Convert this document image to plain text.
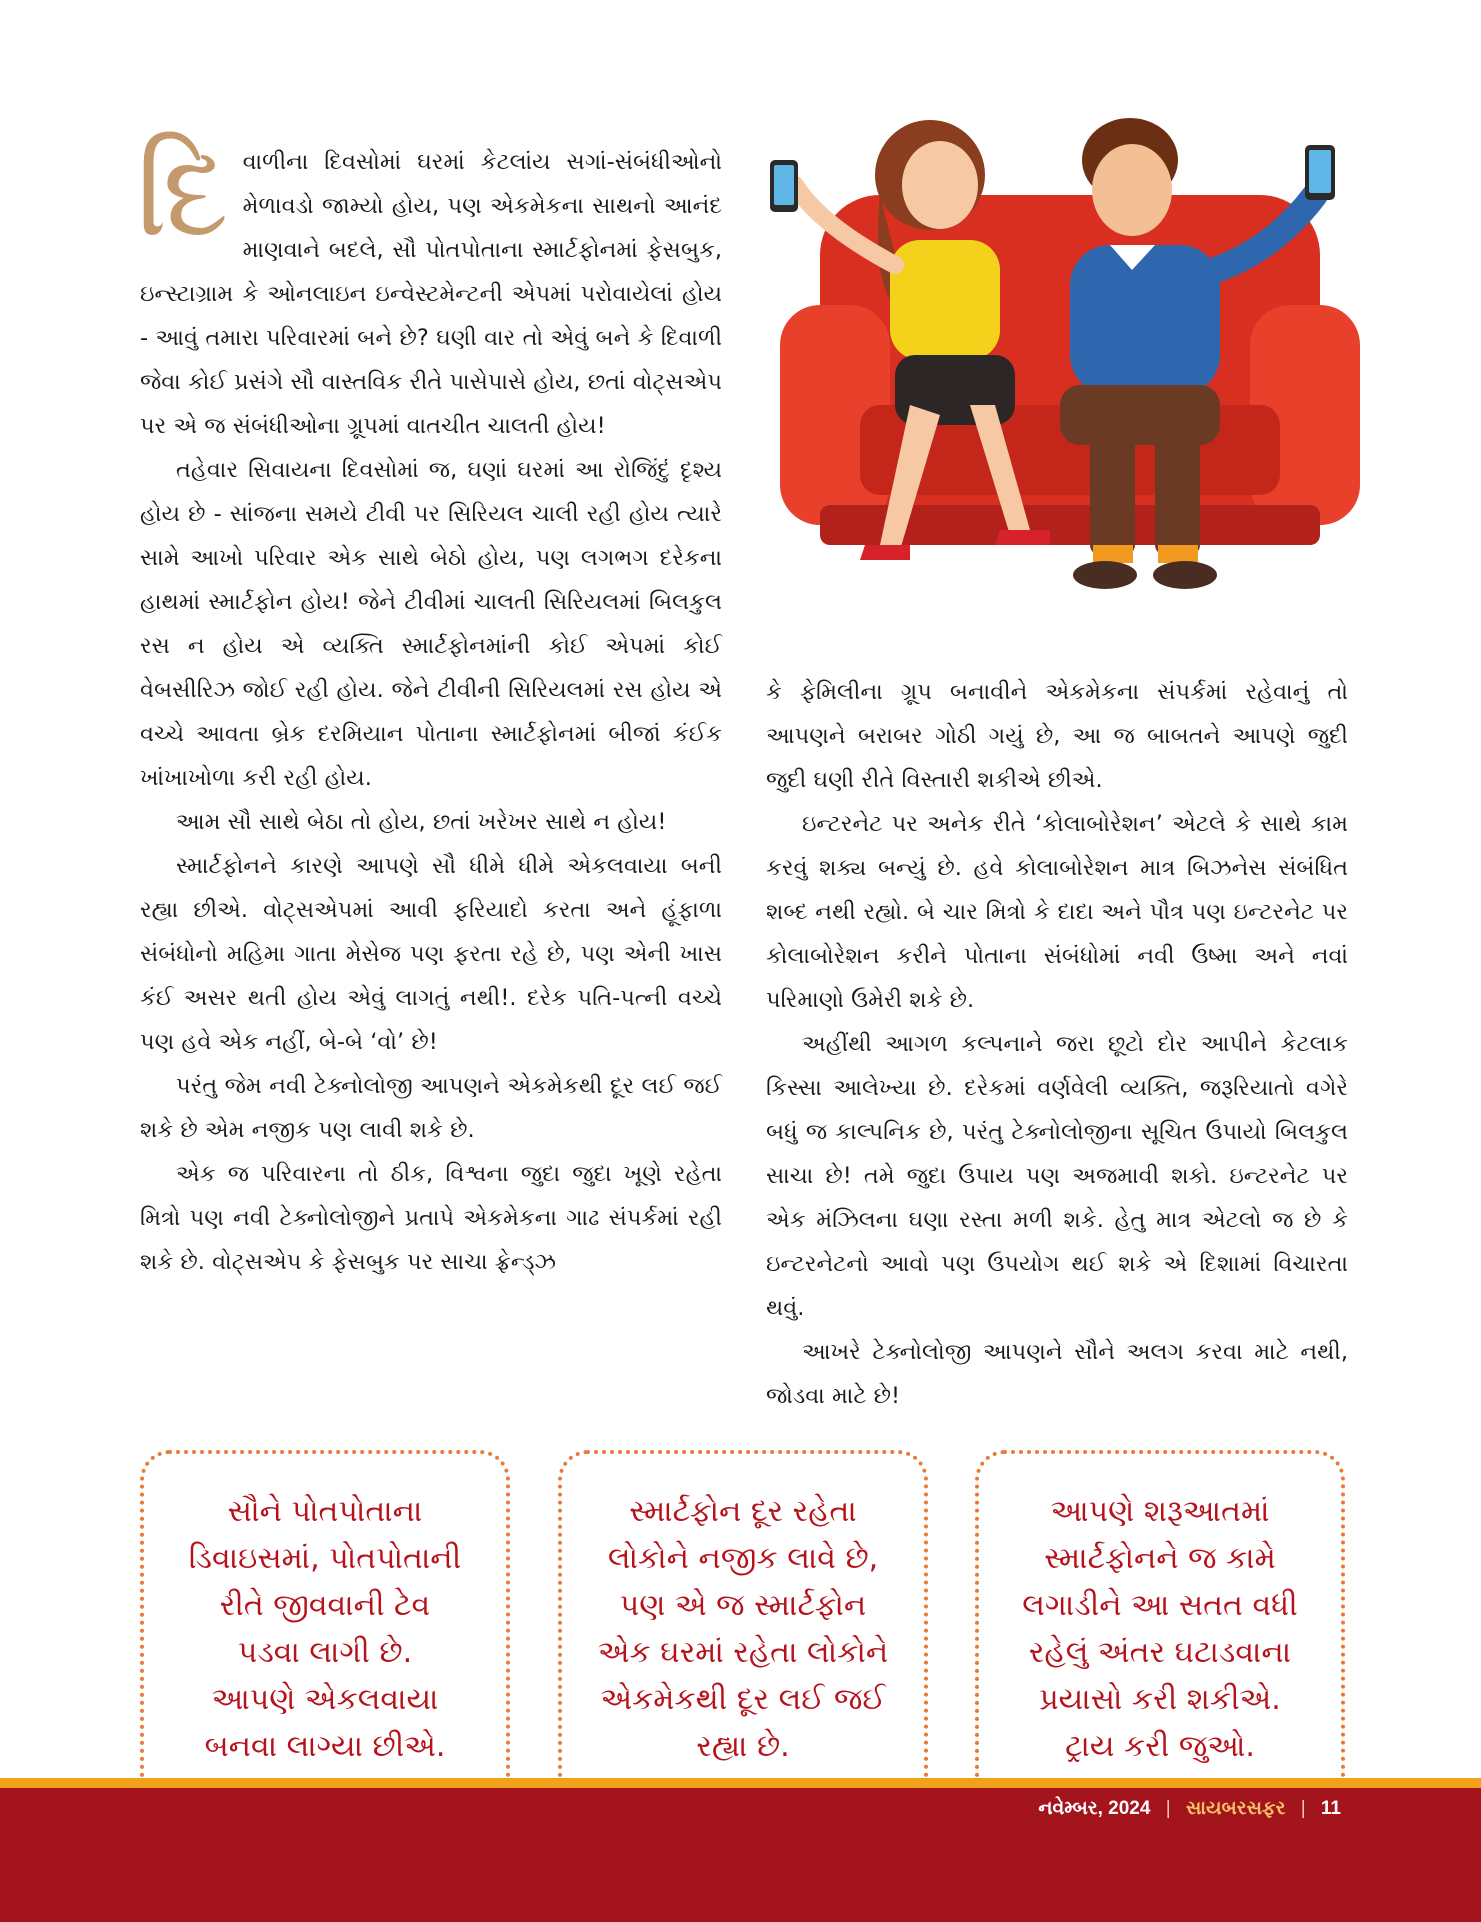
દિ વાળીના દિવસોમાં ઘરમાં કેટલાંય સગાં-સંબંધીઓનો મેળાવડો જામ્યો હોય, પણ એકમેકના સાથનો આનંદ માણવાને બદલે, સૌ પોતપોતાના સ્માર્ટફોનમાં ફેસબુક, ઇન્સ્ટાગ્રામ કે ઓનલાઇન ઇન્વેસ્ટમેન્ટની એપમાં પરોવાયેલાં હોય - આવું તમારા પરિવારમાં બને છે? ઘણી વાર તો એવું બને કે દિવાળી જેવા કોઈ પ્રસંગે સૌ વાસ્તવિક રીતે પાસેપાસે હોય, છતાં વોટ્સએપ પર એ જ સંબંધીઓના ગ્રૂપમાં વાતચીત ચાલતી હોય!

તહેવાર સિવાયના દિવસોમાં જ, ઘણાં ઘરમાં આ રોજિંદું દૃશ્ય હોય છે - સાંજના સમયે ટીવી પર સિરિયલ ચાલી રહી હોય ત્યારે સામે આખો પરિવાર એક સાથે બેઠો હોય, પણ લગભગ દરેકના હાથમાં સ્માર્ટફોન હોય! જેને ટીવીમાં ચાલતી સિરિયલમાં બિલકુલ રસ ન હોય એ વ્યક્તિ સ્માર્ટફોનમાંની કોઈ એપમાં કોઈ વેબસીરિઝ જોઈ રહી હોય. જેને ટીવીની સિરિયલમાં રસ હોય એ વચ્ચે આવતા બ્રેક દરમિયાન પોતાના સ્માર્ટફોનમાં બીજાં કંઈક ખાંખાખોળા કરી રહી હોય.

આમ સૌ સાથે બેઠા તો હોય, છતાં ખરેખર સાથે ન હોય!

સ્માર્ટફોનને કારણે આપણે સૌ ધીમે ધીમે એકલવાયા બની રહ્યા છીએ. વોટ્સએપમાં આવી ફરિયાદો કરતા અને હૂંફાળા સંબંધોનો મહિમા ગાતા મેસેજ પણ ફરતા રહે છે, પણ એની ખાસ કંઈ અસર થતી હોય એવું લાગતું નથી!. દરેક પતિ-પત્ની વચ્ચે પણ હવે એક નહીં, બે-બે ‘વો’ છે!

પરંતુ જેમ નવી ટેક્નોલોજી આપણને એકમેકથી દૂર લઈ જઈ શકે છે એમ નજીક પણ લાવી શકે છે.

એક જ પરિવારના તો ઠીક, વિશ્વના જુદા જુદા ખૂણે રહેતા મિત્રો પણ નવી ટેક્નોલોજીને પ્રતાપે એકમેકના ગાઢ સંપર્કમાં રહી શકે છે. વોટ્સએપ કે ફેસબુક પર સાચા ફ્રેન્ડ્ઝ

કે ફેમિલીના ગ્રૂપ બનાવીને એકમેકના સંપર્કમાં રહેવાનું તો આપણને બરાબર ગોઠી ગયું છે, આ જ બાબતને આપણે જુદી જુદી ઘણી રીતે વિસ્તારી શકીએ છીએ.

ઇન્ટરનેટ પર અનેક રીતે ‘કોલાબોરેશન’ એટલે કે સાથે કામ કરવું શક્ય બન્યું છે. હવે કોલાબોરેશન માત્ર બિઝનેસ સંબંધિત શબ્દ નથી રહ્યો. બે ચાર મિત્રો કે દાદા અને પૌત્ર પણ ઇન્ટરનેટ પર કોલાબોરેશન કરીને પોતાના સંબંધોમાં નવી ઉષ્મા અને નવાં પરિમાણો ઉમેરી શકે છે.

અહીંથી આગળ કલ્પનાને જરા છૂટો દોર આપીને કેટલાક કિસ્સા આલેખ્યા છે. દરેકમાં વર્ણવેલી વ્યક્તિ, જરૂરિયાતો વગેરે બધું જ કાલ્પનિક છે, પરંતુ ટેક્નોલોજીના સૂચિત ઉપાયો બિલકુલ સાચા છે! તમે જુદા ઉપાય પણ અજમાવી શકો. ઇન્ટરનેટ પર એક મંઝિલના ઘણા રસ્તા મળી શકે. હેતુ માત્ર એટલો જ છે કે ઇન્ટરનેટનો આવો પણ ઉપયોગ થઈ શકે એ દિશામાં વિચારતા થવું.

આખરે ટેક્નોલોજી આપણને સૌને અલગ કરવા માટે નથી, જોડવા માટે છે!

સૌને પોતપોતાના
ડિવાઇસમાં, પોતપોતાની
રીતે જીવવાની ટેવ
પડવા લાગી છે.
આપણે એકલવાયા
બનવા લાગ્યા છીએ.
સ્માર્ટફોન દૂર રહેતા
લોકોને નજીક લાવે છે,
પણ એ જ સ્માર્ટફોન
એક ઘરમાં રહેતા લોકોને
એકમેકથી દૂર લઈ જઈ
રહ્યા છે.
આપણે શરૂઆતમાં
સ્માર્ટફોનને જ કામે
લગાડીને આ સતત વધી
રહેલું અંતર ઘટાડવાના
પ્રયાસો કરી શકીએ.
ટ્રાય કરી જુઓ.
નવેમ્બર, 2024 | સાયબરસફર | 11
